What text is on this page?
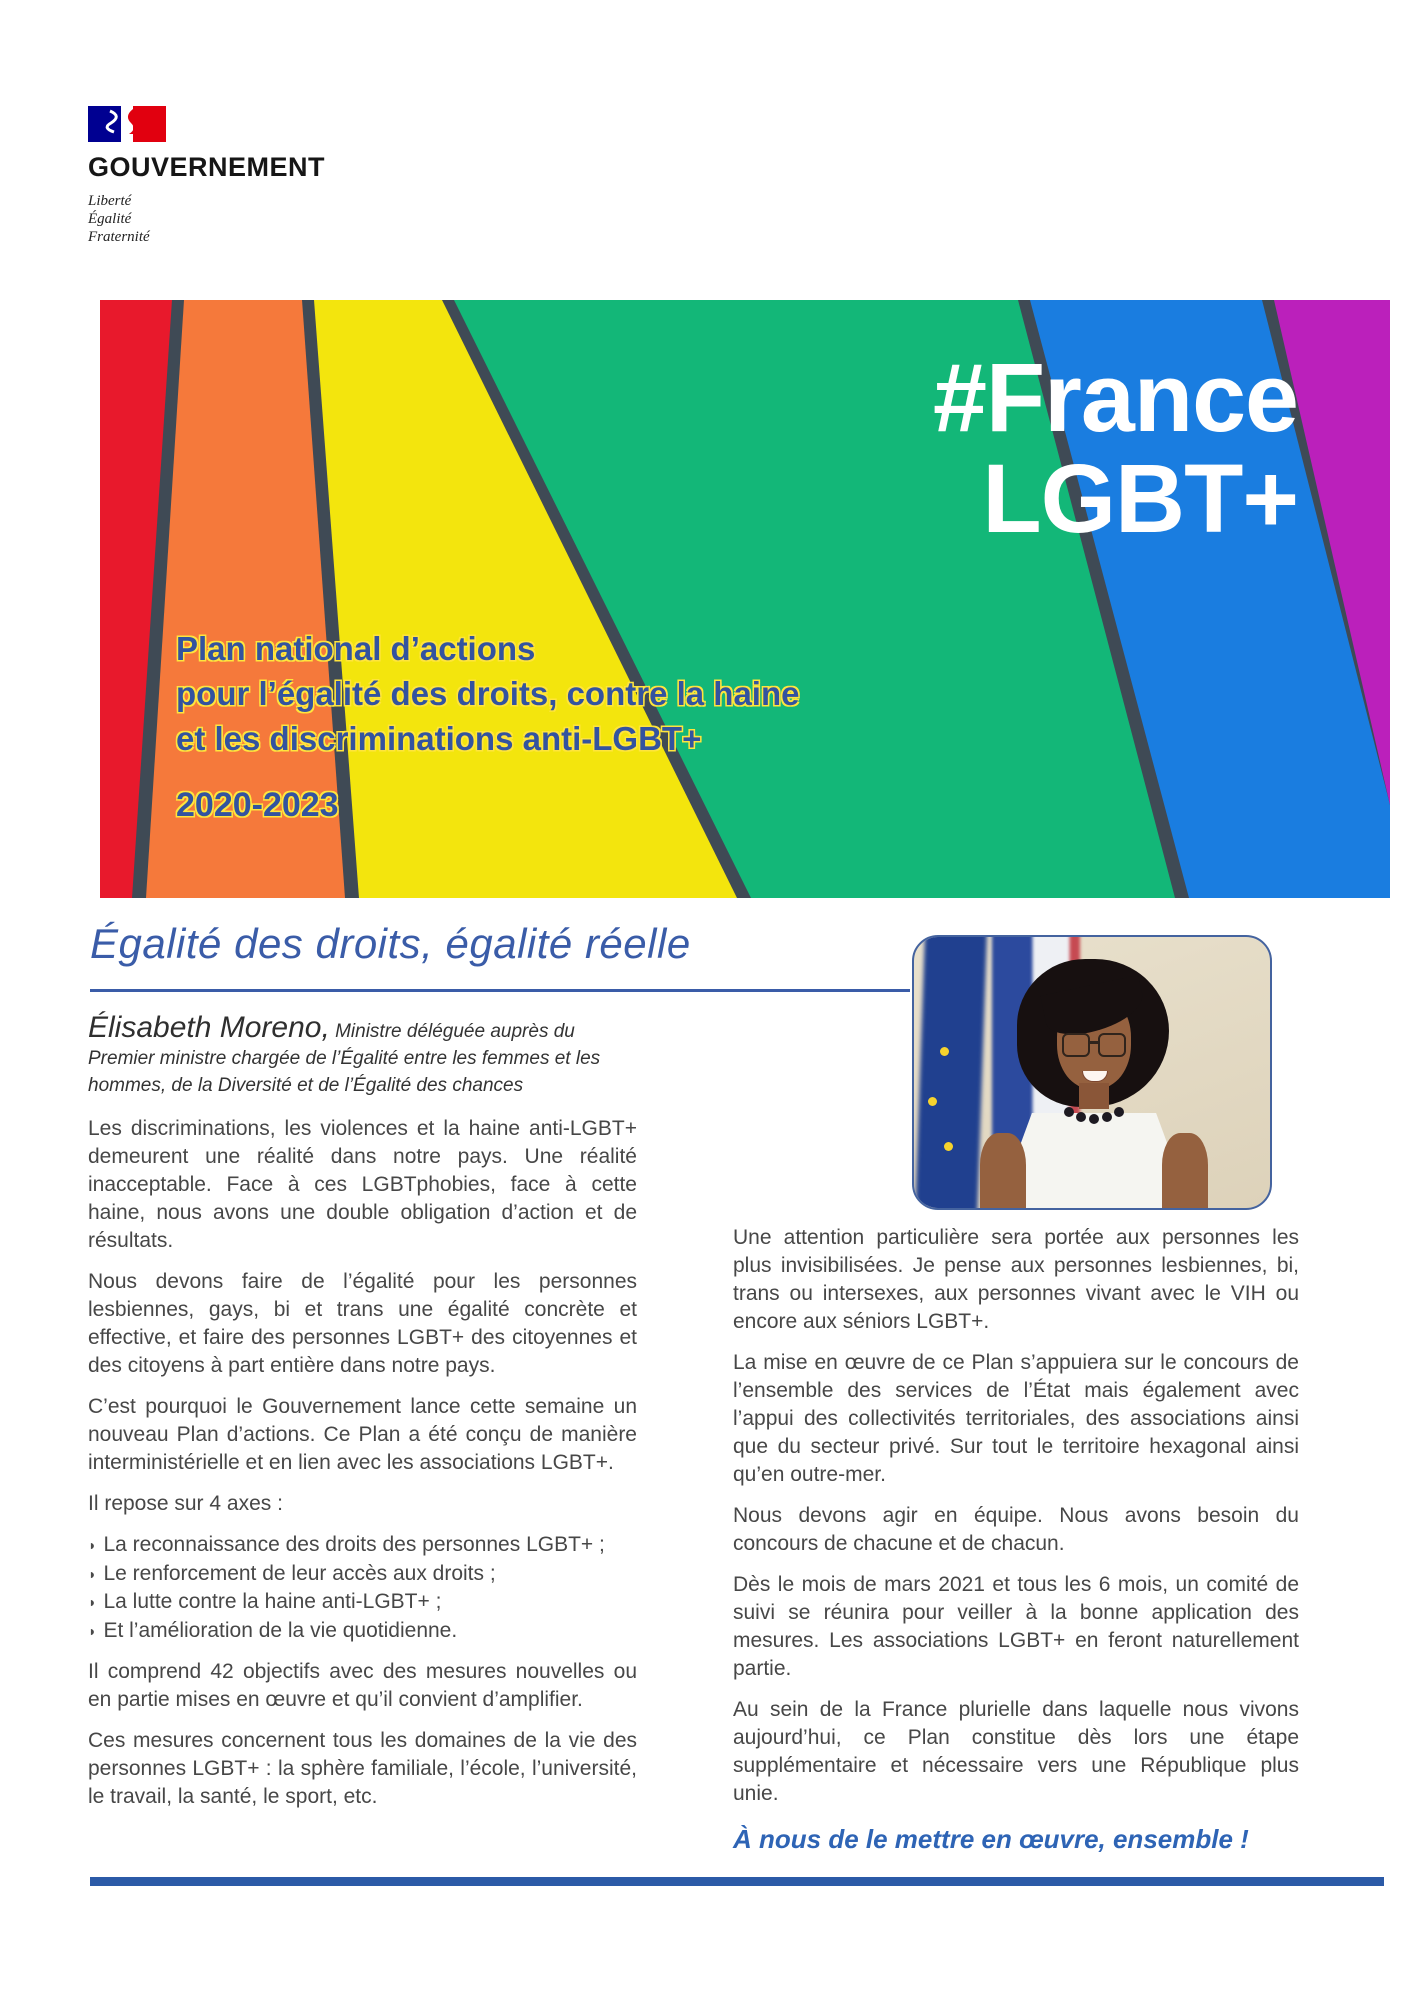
GOUVERNEMENT
Liberté
Égalité
Fraternité
#France
LGBT+
Plan national d’actions
pour l’égalité des droits, contre la haine
et les discriminations anti-LGBT+
2020-2023
Égalité des droits, égalité réelle

Élisabeth Moreno, Ministre déléguée auprès du Premier ministre chargée de l’Égalité entre les femmes et les hommes, de la Diversité et de l’Égalité des chances

Les discriminations, les violences et la haine anti-LGBT+ demeurent une réalité dans notre pays. Une réalité inacceptable. Face à ces LGBTphobies, face à cette haine, nous avons une double obligation d’action et de résultats.

Nous devons faire de l’égalité pour les personnes lesbiennes, gays, bi et trans une égalité concrète et effective, et faire des personnes LGBT+ des citoyennes et des citoyens à part entière dans notre pays.

C’est pourquoi le Gouvernement lance cette semaine un nouveau Plan d’actions. Ce Plan a été conçu de manière interministérielle et en lien avec les associations LGBT+.

Il repose sur 4 axes :

◗ La reconnaissance des droits des personnes LGBT+ ;
◗ Le renforcement de leur accès aux droits ;
◗ La lutte contre la haine anti-LGBT+ ;
◗ Et l’amélioration de la vie quotidienne.

Il comprend 42 objectifs avec des mesures nouvelles ou en partie mises en œuvre et qu’il convient d’amplifier.

Ces mesures concernent tous les domaines de la vie des personnes LGBT+ : la sphère familiale, l’école, l’université, le travail, la santé, le sport, etc.

Une attention particulière sera portée aux personnes les plus invisibilisées. Je pense aux personnes lesbiennes, bi, trans ou intersexes, aux personnes vivant avec le VIH ou encore aux séniors LGBT+.

La mise en œuvre de ce Plan s’appuiera sur le concours de l’ensemble des services de l’État mais également avec l’appui des collectivités territoriales, des associations ainsi que du secteur privé. Sur tout le territoire hexagonal ainsi qu’en outre-mer.

Nous devons agir en équipe. Nous avons besoin du concours de chacune et de chacun.

Dès le mois de mars 2021 et tous les 6 mois, un comité de suivi se réunira pour veiller à la bonne application des mesures. Les associations LGBT+ en feront naturellement partie.

Au sein de la France plurielle dans laquelle nous vivons aujourd’hui, ce Plan constitue dès lors une étape supplémentaire et nécessaire vers une République plus unie.

À nous de le mettre en œuvre, ensemble !
